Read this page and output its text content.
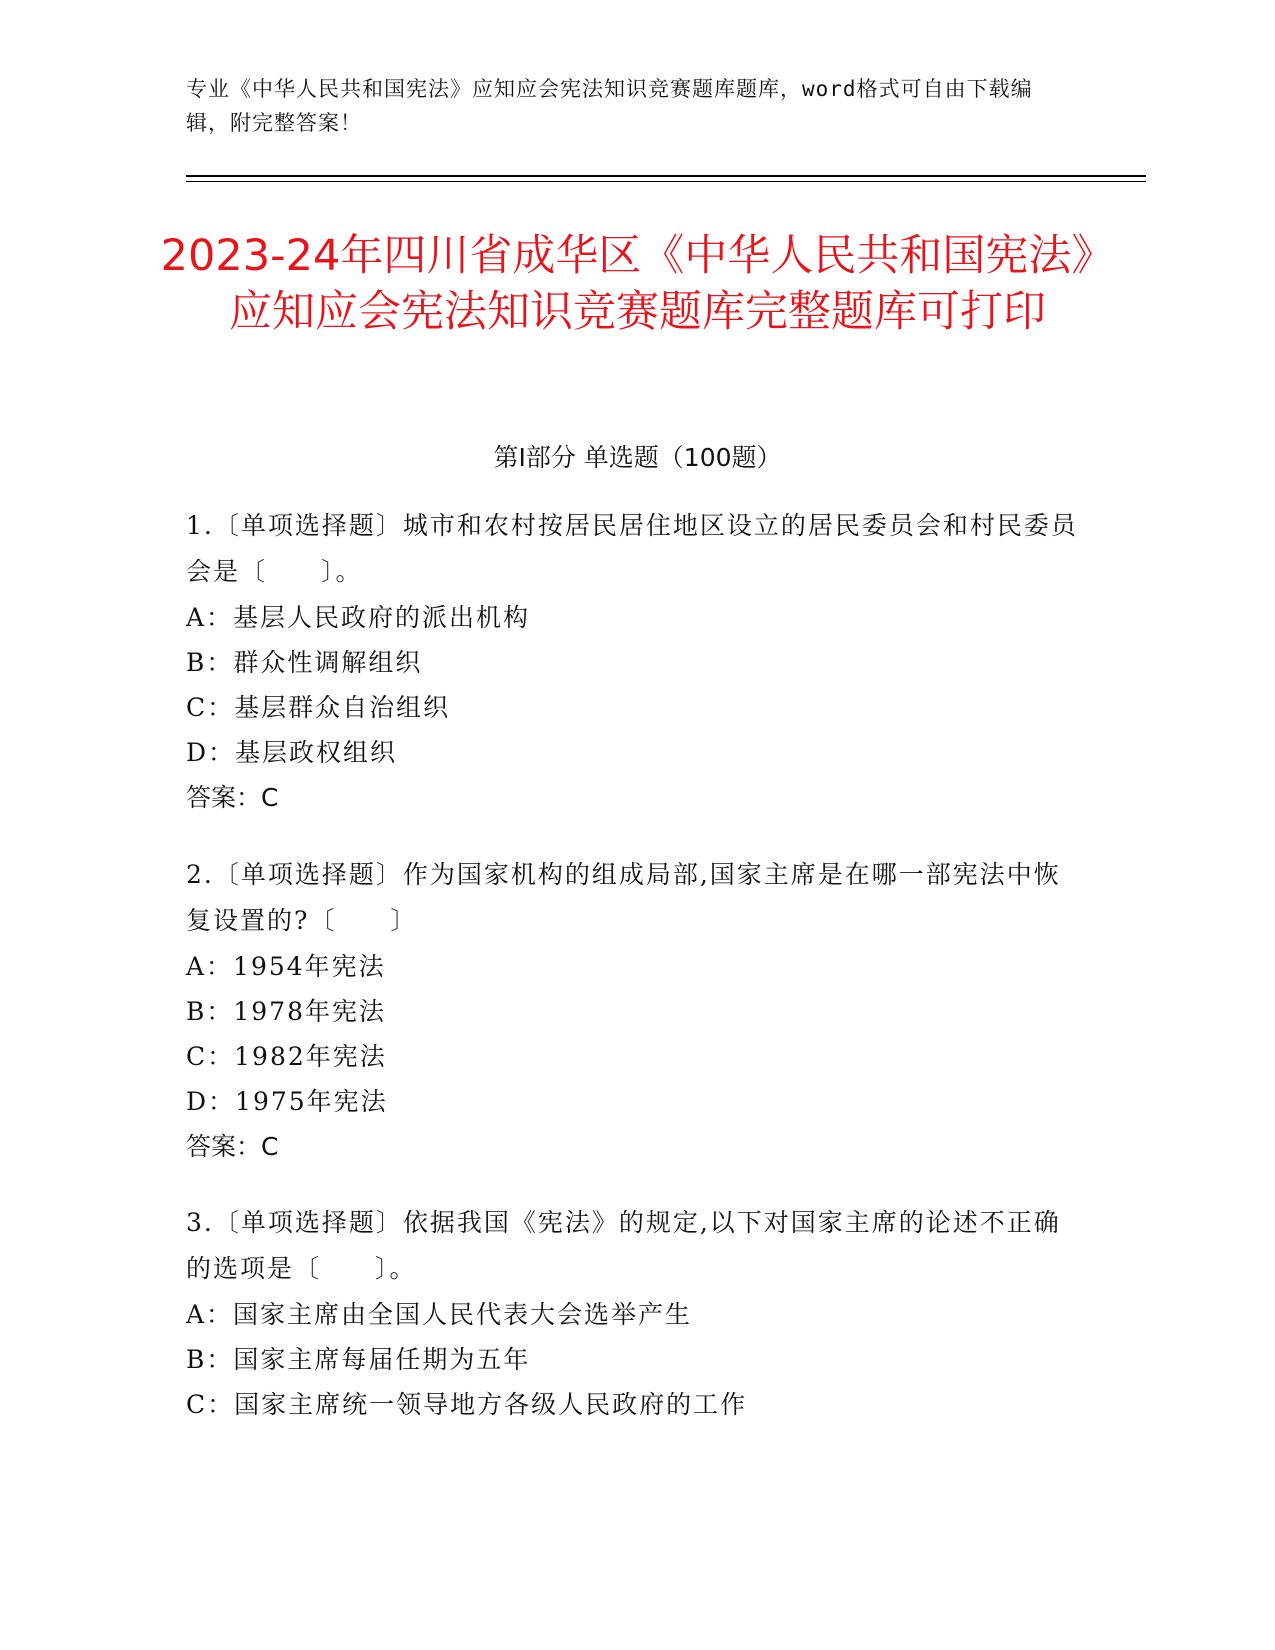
专业《中华人民共和国宪法》应知应会宪法知识竞赛题库题库，word格式可自由下载编辑，附完整答案！
2023-24年四川省成华区《中华人民共和国宪法》应知应会宪法知识竞赛题库完整题库可打印
第Ⅰ部分 单选题（100题）
1.〔单项选择题〕城市和农村按居民居住地区设立的居民委员会和村民委员会是〔　　〕。
A：基层人民政府的派出机构
B：群众性调解组织
C：基层群众自治组织
D：基层政权组织
答案：C
2.〔单项选择题〕作为国家机构的组成局部,国家主席是在哪一部宪法中恢复设置的?〔　　〕
A：1954年宪法
B：1978年宪法
C：1982年宪法
D：1975年宪法
答案：C
3.〔单项选择题〕依据我国《宪法》的规定,以下对国家主席的论述不正确的选项是〔　　〕。
A：国家主席由全国人民代表大会选举产生
B：国家主席每届任期为五年
C：国家主席统一领导地方各级人民政府的工作
